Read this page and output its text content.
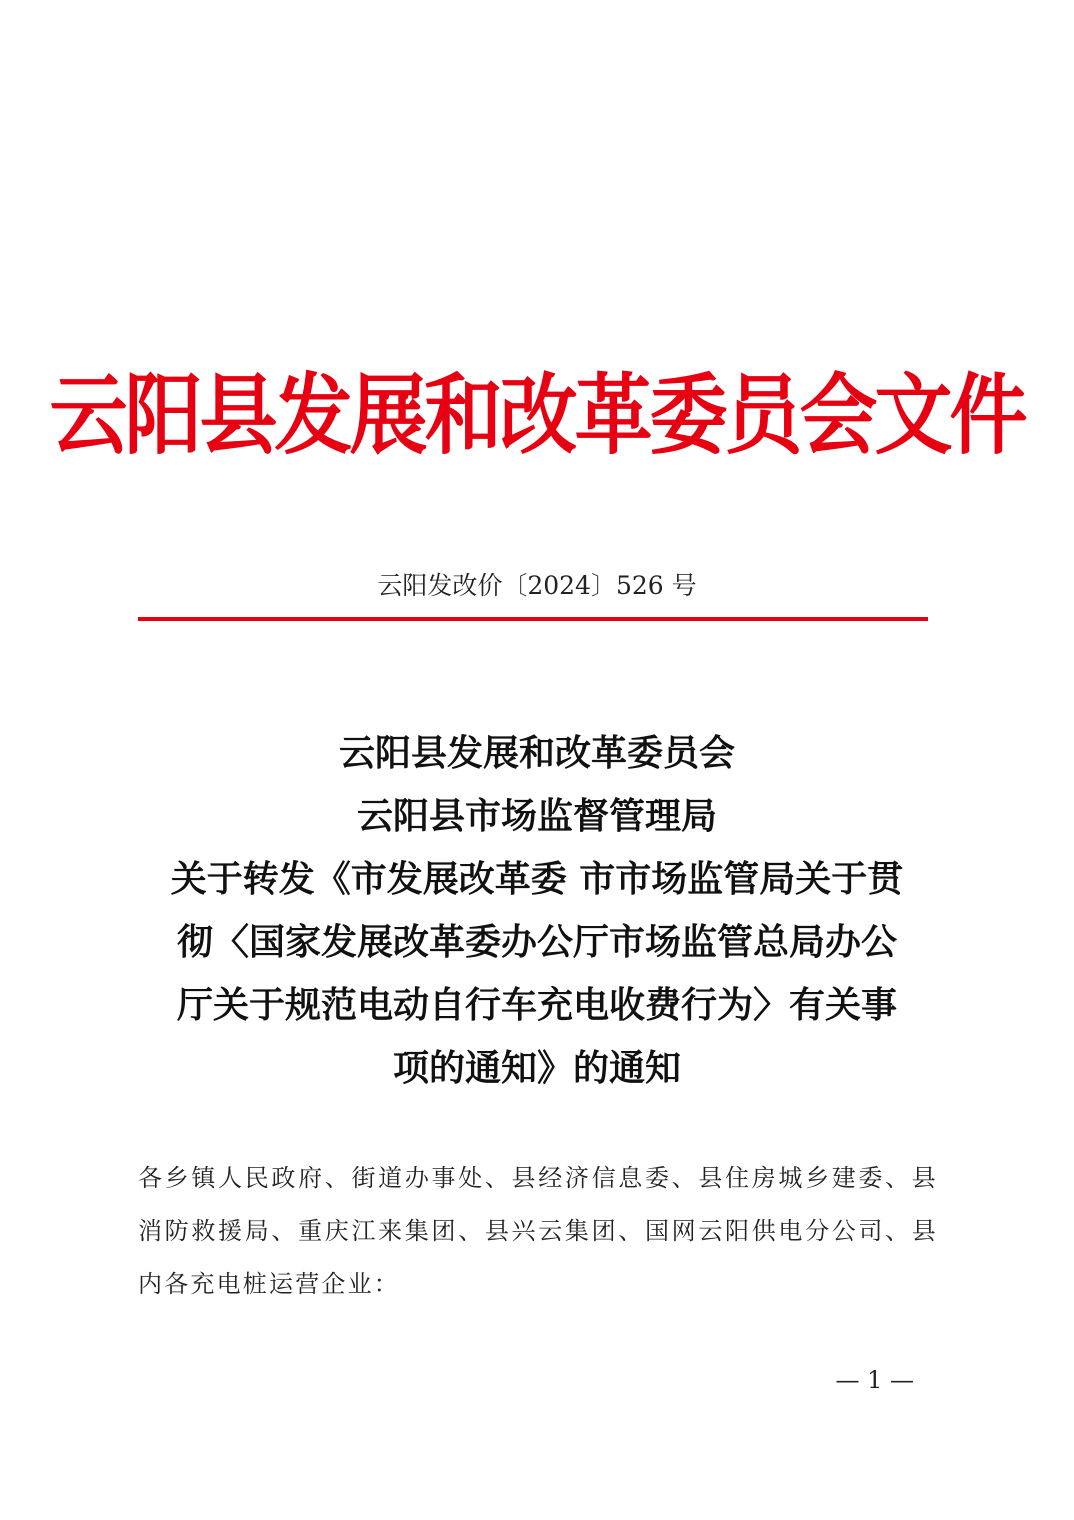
云阳县发展和改革委员会文件
云阳发改价〔2024〕526 号
云阳县发展和改革委员会
云阳县市场监督管理局
关于转发《市发展改革委 市市场监管局关于贯
彻〈国家发展改革委办公厅市场监管总局办公
厅关于规范电动自行车充电收费行为〉有关事
项的通知》的通知
各乡镇人民政府、街道办事处、县经济信息委、县住房城乡建委、县消防救援局、重庆江来集团、县兴云集团、国网云阳供电分公司、县内各充电桩运营企业：
— 1 —
